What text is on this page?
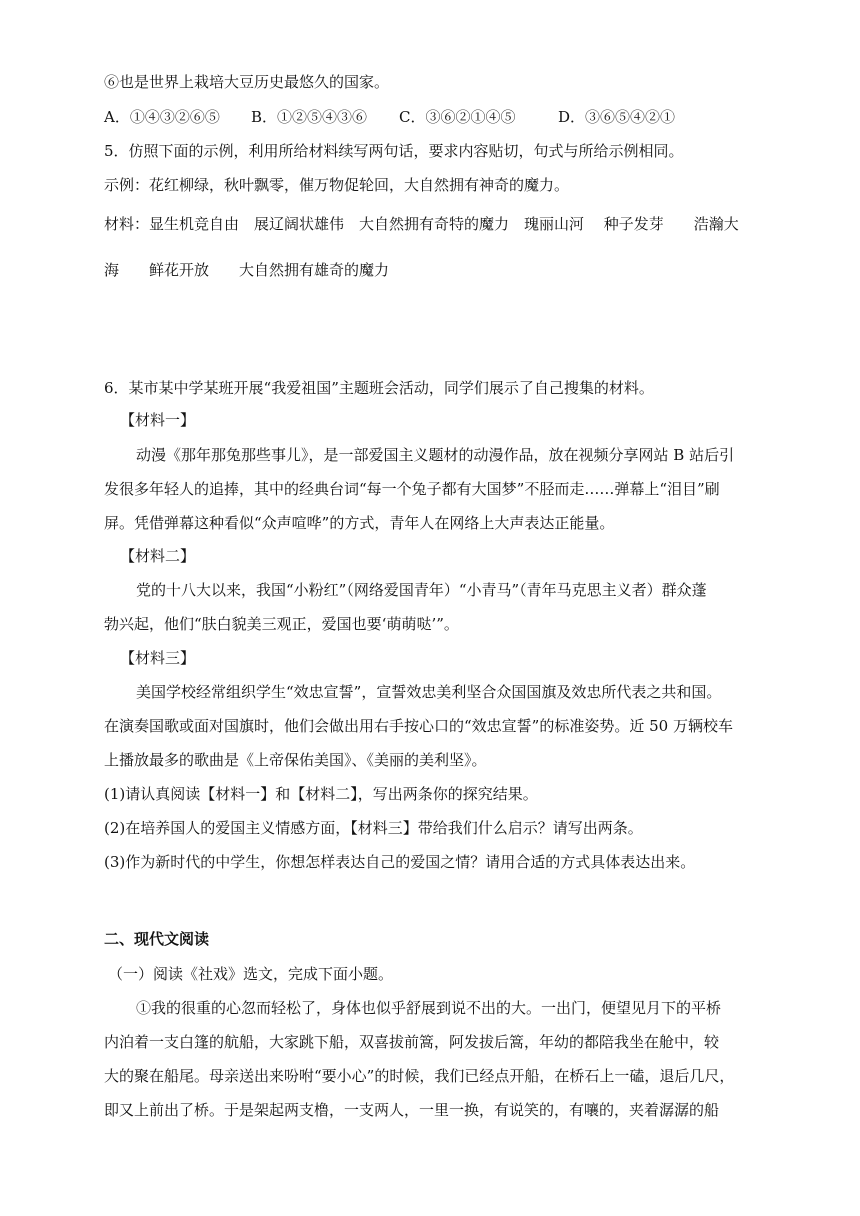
⑥也是世界上栽培大豆历史最悠久的国家。
A．①④③②⑥⑤ B．①②⑤④③⑥ C．③⑥②①④⑤	D．③⑥⑤④②①
5．仿照下面的示例，利用所给材料续写两句话，要求内容贴切，句式与所给示例相同。
示例：花红柳绿，秋叶飘零，催万物促轮回，大自然拥有神奇的魔力。
材料：显生机竞自由　展辽阔状雄伟　大自然拥有奇特的魔力　瑰丽山河　 种子发芽　　浩瀚大
海　　鲜花开放　　大自然拥有雄奇的魔力
6．某市某中学某班开展“我爱祖国”主题班会活动，同学们展示了自己搜集的材料。
【材料一】
动漫《那年那兔那些事儿》，是一部爱国主义题材的动漫作品，放在视频分享网站 B 站后引
发很多年轻人的追捧，其中的经典台词“每一个兔子都有大国梦”不胫而走……弹幕上“泪目”刷
屏。凭借弹幕这种看似“众声喧哗”的方式，青年人在网络上大声表达正能量。
【材料二】
党的十八大以来，我国“小粉红”（网络爱国青年）“小青马”（青年马克思主义者）群众蓬
勃兴起，他们“肤白貌美三观正，爱国也要‘萌萌哒’”。
【材料三】
美国学校经常组织学生“效忠宣誓”，宣誓效忠美利坚合众国国旗及效忠所代表之共和国。
在演奏国歌或面对国旗时，他们会做出用右手按心口的“效忠宣誓”的标准姿势。近 50 万辆校车
上播放最多的歌曲是《上帝保佑美国》、《美丽的美利坚》。
(1)请认真阅读【材料一】和【材料二】，写出两条你的探究结果。
(2)在培养国人的爱国主义情感方面，【材料三】带给我们什么启示？请写出两条。
(3)作为新时代的中学生，你想怎样表达自己的爱国之情？请用合适的方式具体表达出来。
二、现代文阅读
（一）阅读《社戏》选文，完成下面小题。
①我的很重的心忽而轻松了，身体也似乎舒展到说不出的大。一出门，便望见月下的平桥
内泊着一支白篷的航船，大家跳下船，双喜拔前篙，阿发拔后篙，年幼的都陪我坐在舱中，较
大的聚在船尾。母亲送出来吩咐“要小心”的时候，我们已经点开船，在桥石上一磕，退后几尺，
即又上前出了桥。于是架起两支橹，一支两人，一里一换，有说笑的，有嚷的，夹着潺潺的船
